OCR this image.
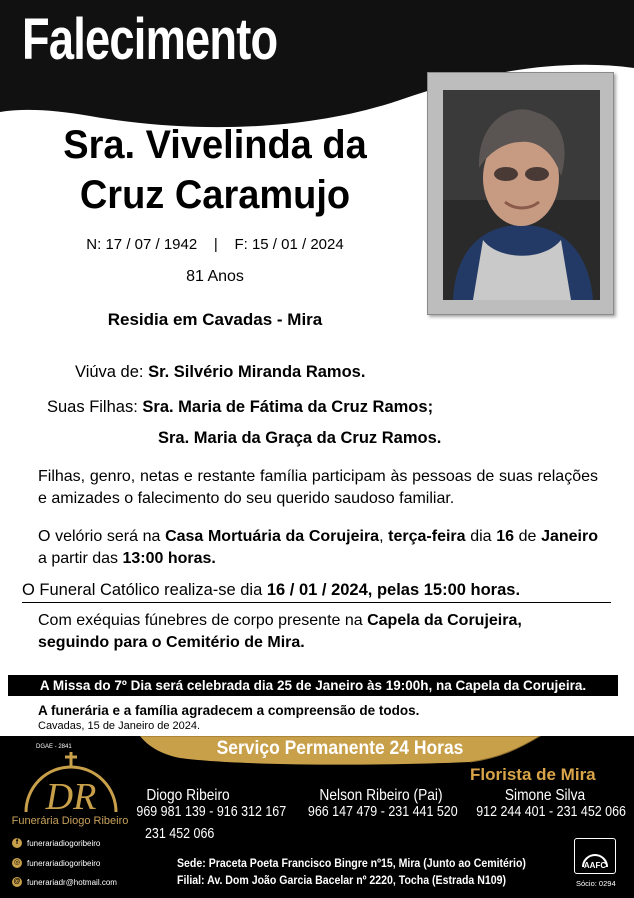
Falecimento
Sra. Vivelinda da
Cruz Caramujo
N: 17 / 07 / 1942    |    F: 15 / 01 / 2024
81 Anos
Residia em Cavadas - Mira
Viúva de: Sr. Silvério Miranda Ramos.
Suas Filhas: Sra. Maria de Fátima da Cruz Ramos;
Sra. Maria da Graça da Cruz Ramos.
Filhas, genro, netas e restante família participam às pessoas de suas relações e amizades o falecimento do seu querido saudoso familiar.
O velório será na Casa Mortuária da Corujeira, terça-feira dia 16 de Janeiro a partir das 13:00 horas.
O Funeral Católico realiza-se dia 16 / 01 / 2024, pelas 15:00 horas.
Com exéquias fúnebres de corpo presente na Capela da Corujeira,
seguindo para o Cemitério de Mira.
A Missa do 7º Dia será celebrada dia 25 de Janeiro às 19:00h, na Capela da Corujeira.
A funerária e a família agradecem a compreensão de todos.
Cavadas, 15 de Janeiro de 2024.
DGAE - 2841	Serviço Permanente 24 Horas
Florista de Mira
DR
Funerária Diogo Ribeiro
Diogo Ribeiro
969 981 139 - 916 312 167
231 452 066
Nelson Ribeiro (Pai)
966 147 479 - 231 441 520
Simone Silva
912 244 401 - 231 452 066
f	funerariadiogoribeiro
◎ funerariadiogoribeiro
@ funerariadr@hotmail.com
Sede: Praceta Poeta Francisco Bingre nº15, Mira (Junto ao Cemitério)
Filial: Av. Dom João Garcia Bacelar nº 2220, Tocha (Estrada N109)
AAFC
Sócio: 0294
